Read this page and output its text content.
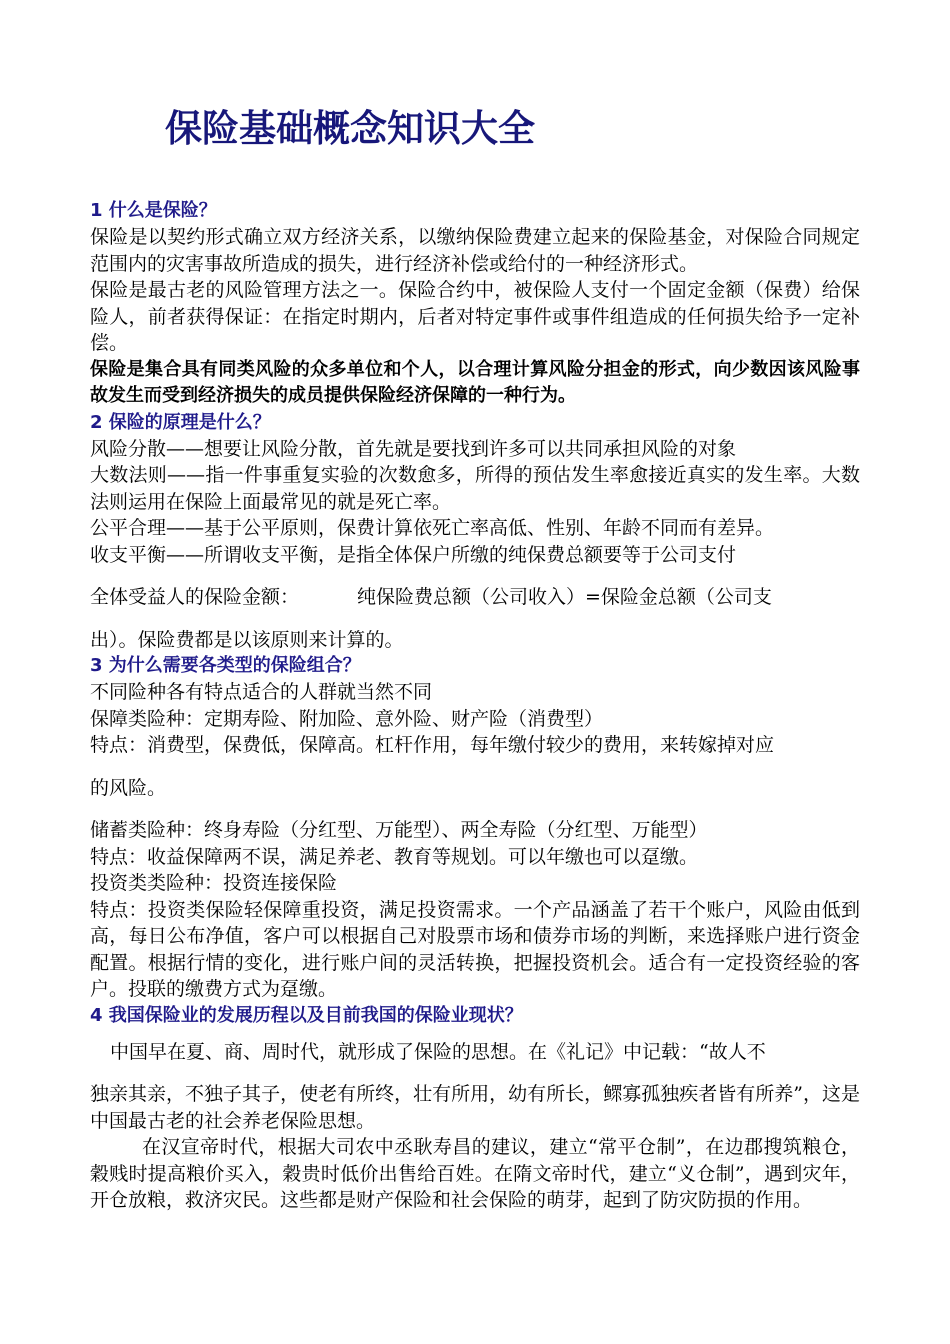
保险基础概念知识大全

1 什么是保险？

保险是以契约形式确立双方经济关系，以缴纳保险费建立起来的保险基金，对保险合同规定范围内的灾害事故所造成的损失，进行经济补偿或给付的一种经济形式。

保险是最古老的风险管理方法之一。保险合约中，被保险人支付一个固定金额（保费）给保险人，前者获得保证：在指定时期内，后者对特定事件或事件组造成的任何损失给予一定补偿。

保险是集合具有同类风险的众多单位和个人，以合理计算风险分担金的形式，向少数因该风险事故发生而受到经济损失的成员提供保险经济保障的一种行为。

2 保险的原理是什么？

风险分散——想要让风险分散，首先就是要找到许多可以共同承担风险的对象

大数法则——指一件事重复实验的次数愈多，所得的预估发生率愈接近真实的发生率。大数法则运用在保险上面最常见的就是死亡率。

公平合理——基于公平原则，保费计算依死亡率高低、性别、年龄不同而有差异。

收支平衡——所谓收支平衡，是指全体保户所缴的纯保费总额要等于公司支付

全体受益人的保险金额：	纯保险费总额（公司收入）=保险金总额（公司支

出）。保险费都是以该原则来计算的。

3 为什么需要各类型的保险组合？

不同险种各有特点适合的人群就当然不同

保障类险种：定期寿险、附加险、意外险、财产险（消费型）

特点：消费型，保费低，保障高。杠杆作用，每年缴付较少的费用，来转嫁掉对应

的风险。

储蓄类险种：终身寿险（分红型、万能型）、两全寿险（分红型、万能型）

特点：收益保障两不误，满足养老、教育等规划。可以年缴也可以趸缴。

投资类类险种：投资连接保险

特点：投资类保险轻保障重投资，满足投资需求。一个产品涵盖了若干个账户，风险由低到高，每日公布净值，客户可以根据自己对股票市场和债券市场的判断，来选择账户进行资金配置。根据行情的变化，进行账户间的灵活转换，把握投资机会。适合有一定投资经验的客户。投联的缴费方式为趸缴。

4 我国保险业的发展历程以及目前我国的保险业现状？

中国早在夏、商、周时代，就形成了保险的思想。在《礼记》中记载：“故人不

独亲其亲，不独子其子，使老有所终，壮有所用，幼有所长，鳏寡孤独疾者皆有所养”，这是中国最古老的社会养老保险思想。

在汉宣帝时代，根据大司农中丞耿寿昌的建议，建立“常平仓制”，在边郡搜筑粮仓，穀贱时提高粮价买入，穀贵时低价出售给百姓。在隋文帝时代，建立“义仓制”，遇到灾年，开仓放粮，救济灾民。这些都是财产保险和社会保险的萌芽，起到了防灾防损的作用。
